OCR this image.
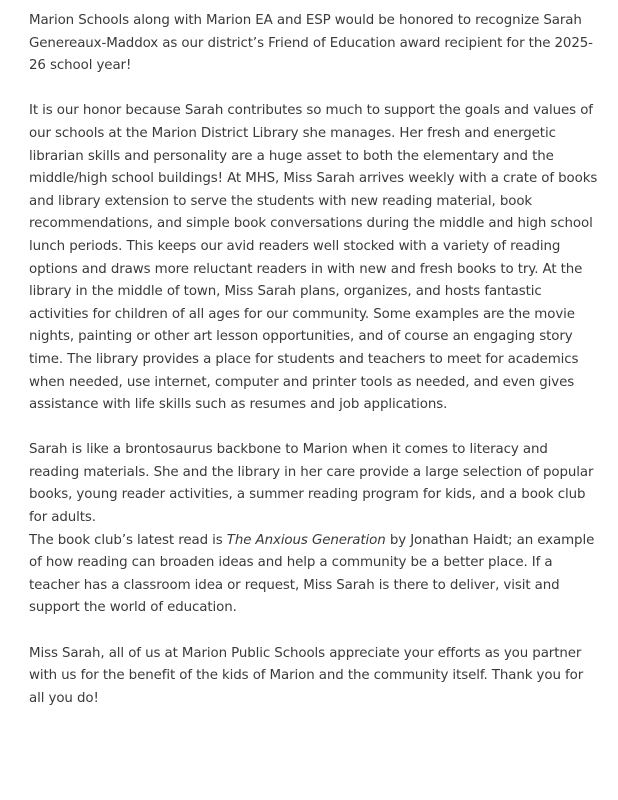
Marion Schools along with Marion EA and ESP would be honored to recognize Sarah Genereaux-Maddox as our district’s Friend of Education award recipient for the 2025-26 school year!

It is our honor because Sarah contributes so much to support the goals and values of our schools at the Marion District Library she manages. Her fresh and energetic librarian skills and personality are a huge asset to both the elementary and the middle/high school buildings! At MHS, Miss Sarah arrives weekly with a crate of books and library extension to serve the students with new reading material, book recommendations, and simple book conversations during the middle and high school lunch periods. This keeps our avid readers well stocked with a variety of reading options and draws more reluctant readers in with new and fresh books to try. At the library in the middle of town, Miss Sarah plans, organizes, and hosts fantastic activities for children of all ages for our community. Some examples are the movie nights, painting or other art lesson opportunities, and of course an engaging story time. The library provides a place for students and teachers to meet for academics when needed, use internet, computer and printer tools as needed, and even gives assistance with life skills such as resumes and job applications.

Sarah is like a brontosaurus backbone to Marion when it comes to literacy and reading materials. She and the library in her care provide a large selection of popular books, young reader activities, a summer reading program for kids, and a book club for adults.

The book club’s latest read is The Anxious Generation by Jonathan Haidt; an example of how reading can broaden ideas and help a community be a better place. If a teacher has a classroom idea or request, Miss Sarah is there to deliver, visit and support the world of education.

Miss Sarah, all of us at Marion Public Schools appreciate your efforts as you partner with us for the benefit of the kids of Marion and the community itself. Thank you for all you do!
